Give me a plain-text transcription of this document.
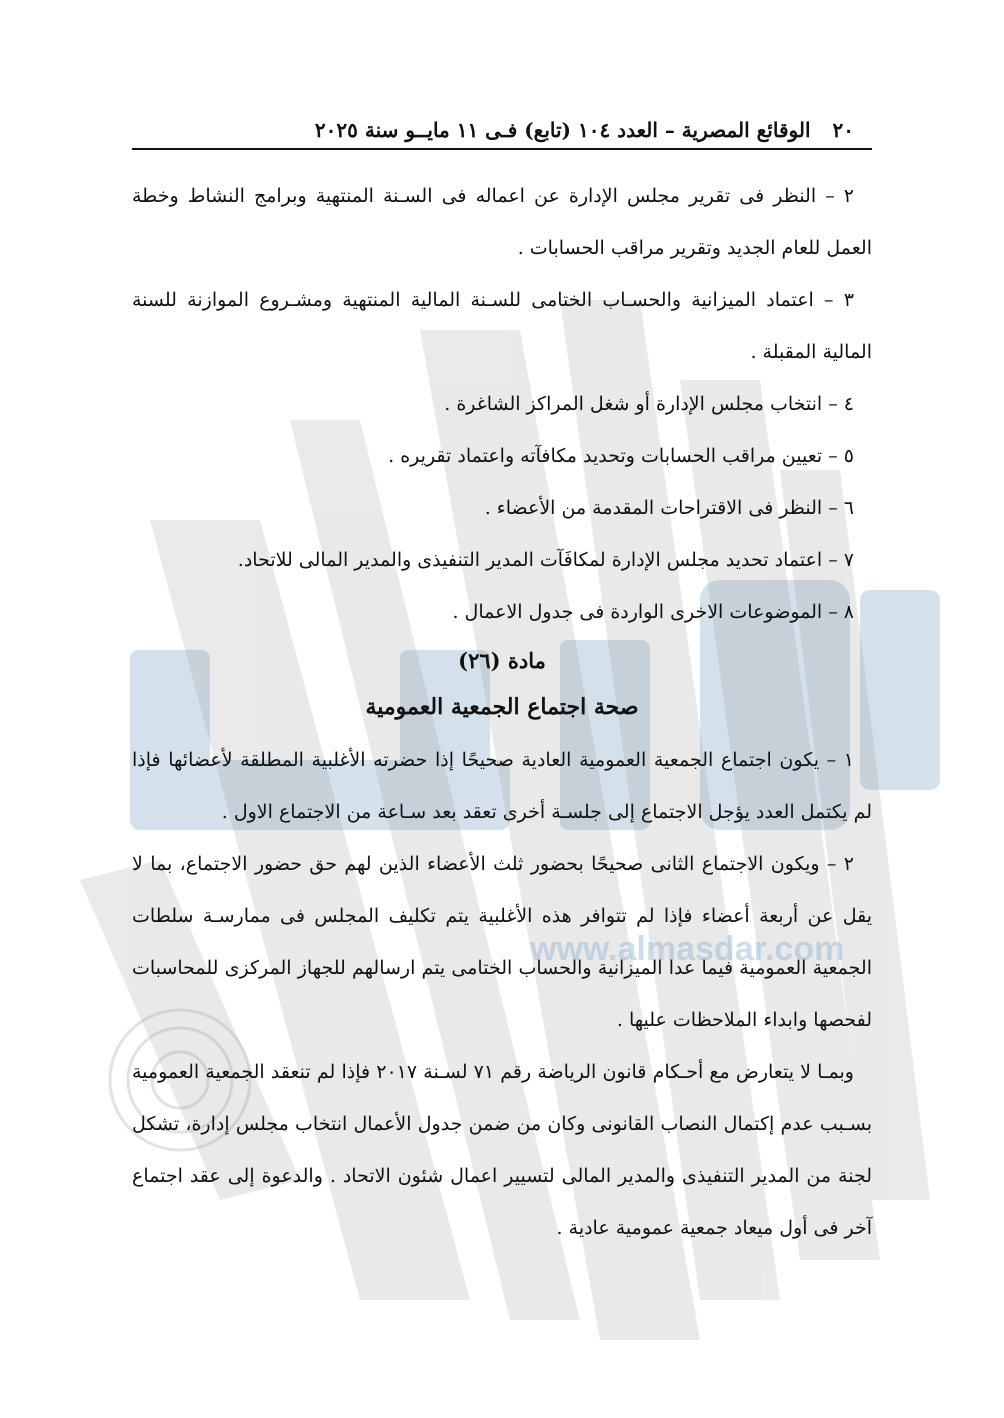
www.almasdar.com
٢٠الوقائع المصرية – العدد ١٠٤ (تابع) فـى ١١ مايــو سنة ٢٠٢٥

٢ – النظر فى تقرير مجلس الإدارة عن اعماله فى السـنة المنتهية وبرامج النشاط وخطة العمل للعام الجديد وتقرير مراقب الحسابات .

٣ – اعتماد الميزانية والحسـاب الختامى للسـنة المالية المنتهية ومشـروع الموازنة للسنة المالية المقبلة .

٤ – انتخاب مجلس الإدارة أو شغل المراكز الشاغرة .

٥ – تعيين مراقب الحسابات وتحديد مكافآته واعتماد تقريره .

٦ – النظر فى الاقتراحات المقدمة من الأعضاء .

٧ – اعتماد تحديد مجلس الإدارة لمكافَآت المدير التنفيذى والمدير المالى للاتحاد.

٨ – الموضوعات الاخرى الواردة فى جدول الاعمال .

مادة (٢٦)
صحة اجتماع الجمعية العمومية

١ – يكون اجتماع الجمعية العمومية العادية صحيحًا إذا حضرته الأغلبية المطلقة لأعضائها فإذا لم يكتمل العدد يؤجل الاجتماع إلى جلسـة أخرى تعقد بعد سـاعة من الاجتماع الاول .

٢ – ويكون الاجتماع الثانى صحيحًا بحضور ثلث الأعضاء الذين لهم حق حضور الاجتماع، بما لا يقل عن أربعة أعضاء فإذا لم تتوافر هذه الأغلبية يتم تكليف المجلس فى ممارسـة سلطات الجمعية العمومية فيما عدا الميزانية والحساب الختامى يتم ارسالهم للجهاز المركزى للمحاسبات لفحصها وابداء الملاحظات عليها .

وبمـا لا يتعارض مع أحـكام قانون الرياضة رقم ٧١ لسـنة ٢٠١٧ فإذا لم تنعقد الجمعية العمومية بسـبب عدم إكتمال النصاب القانونى وكان من ضمن جدول الأعمال انتخاب مجلس إدارة، تشكل لجنة من المدير التنفيذى والمدير المالى لتسيير اعمال شئون الاتحاد . والدعوة إلى عقد اجتماع آخر فى أول ميعاد جمعية عمومية عادية .
